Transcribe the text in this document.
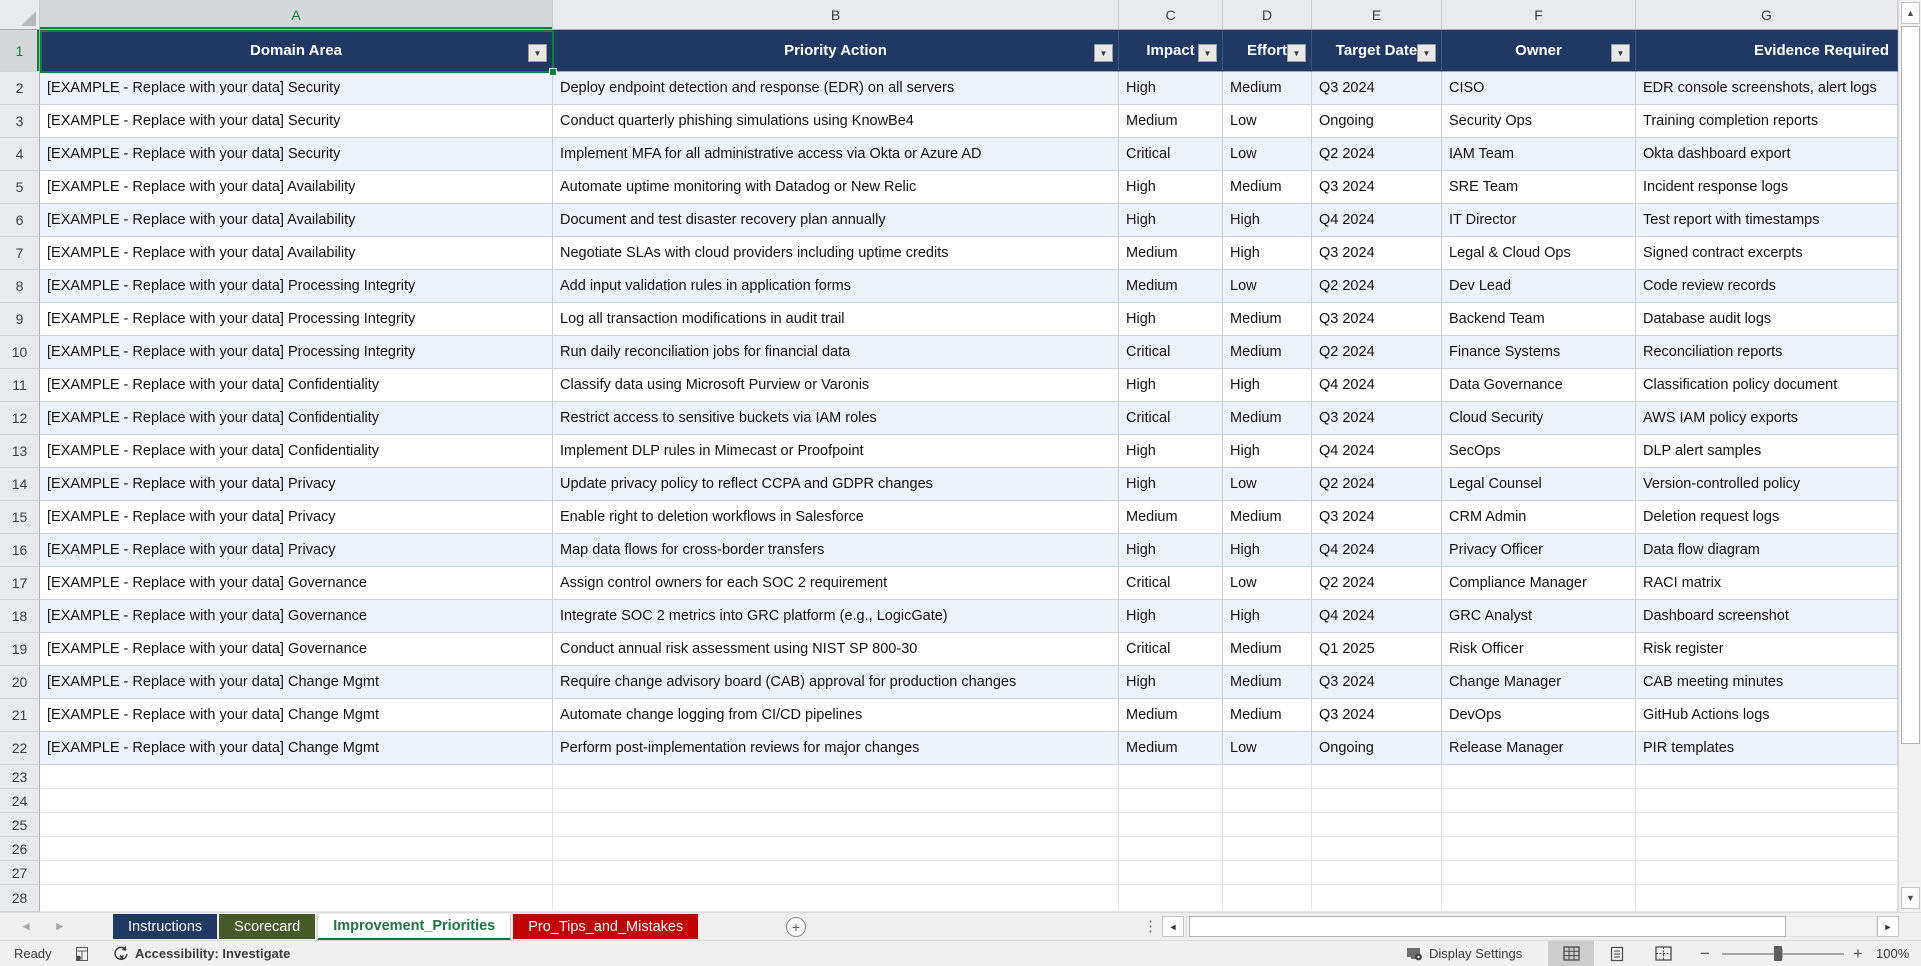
A	B	C	D	E	F	G
1	Domain Area	▼	Priority Action	▼	Impact	▼	Effort ▼	Target Date ▼	Owner	▼	Evidence Required
2	[EXAMPLE - Replace with your data] Security	Deploy endpoint detection and response (EDR) on all servers	High	Medium	Q3 2024	CISO	EDR console screenshots, alert logs
3	[EXAMPLE - Replace with your data] Security	Conduct quarterly phishing simulations using KnowBe4	Medium	Low	Ongoing	Security Ops	Training completion reports
4	[EXAMPLE - Replace with your data] Security	Implement MFA for all administrative access via Okta or Azure AD	Critical	Low	Q2 2024	IAM Team	Okta dashboard export
5	[EXAMPLE - Replace with your data] Availability	Automate uptime monitoring with Datadog or New Relic	High	Medium	Q3 2024	SRE Team	Incident response logs
6	[EXAMPLE - Replace with your data] Availability	Document and test disaster recovery plan annually	High	High	Q4 2024	IT Director	Test report with timestamps
7	[EXAMPLE - Replace with your data] Availability	Negotiate SLAs with cloud providers including uptime credits	Medium	High	Q3 2024	Legal & Cloud Ops	Signed contract excerpts
8	[EXAMPLE - Replace with your data] Processing Integrity	Add input validation rules in application forms	Medium	Low	Q2 2024	Dev Lead	Code review records
9	[EXAMPLE - Replace with your data] Processing Integrity	Log all transaction modifications in audit trail	High	Medium	Q3 2024	Backend Team	Database audit logs
10	[EXAMPLE - Replace with your data] Processing Integrity	Run daily reconciliation jobs for financial data	Critical	Medium	Q2 2024	Finance Systems	Reconciliation reports
11	[EXAMPLE - Replace with your data] Confidentiality	Classify data using Microsoft Purview or Varonis	High	High	Q4 2024	Data Governance	Classification policy document
12	[EXAMPLE - Replace with your data] Confidentiality	Restrict access to sensitive buckets via IAM roles	Critical	Medium	Q3 2024	Cloud Security	AWS IAM policy exports
13	[EXAMPLE - Replace with your data] Confidentiality	Implement DLP rules in Mimecast or Proofpoint	High	High	Q4 2024	SecOps	DLP alert samples
14	[EXAMPLE - Replace with your data] Privacy	Update privacy policy to reflect CCPA and GDPR changes	High	Low	Q2 2024	Legal Counsel	Version-controlled policy
15	[EXAMPLE - Replace with your data] Privacy	Enable right to deletion workflows in Salesforce	Medium	Medium	Q3 2024	CRM Admin	Deletion request logs
16	[EXAMPLE - Replace with your data] Privacy	Map data flows for cross-border transfers	High	High	Q4 2024	Privacy Officer	Data flow diagram
17	[EXAMPLE - Replace with your data] Governance	Assign control owners for each SOC 2 requirement	Critical	Low	Q2 2024	Compliance Manager	RACI matrix
18	[EXAMPLE - Replace with your data] Governance	Integrate SOC 2 metrics into GRC platform (e.g., LogicGate)	High	High	Q4 2024	GRC Analyst	Dashboard screenshot
19	[EXAMPLE - Replace with your data] Governance	Conduct annual risk assessment using NIST SP 800-30	Critical	Medium	Q1 2025	Risk Officer	Risk register
20	[EXAMPLE - Replace with your data] Change Mgmt	Require change advisory board (CAB) approval for production changes	High	Medium	Q3 2024	Change Manager	CAB meeting minutes
21	[EXAMPLE - Replace with your data] Change Mgmt	Automate change logging from CI/CD pipelines	Medium	Medium	Q3 2024	DevOps	GitHub Actions logs
22	[EXAMPLE - Replace with your data] Change Mgmt	Perform post-implementation reviews for major changes	Medium	Low	Ongoing	Release Manager	PIR templates
23
24
25
26
27
28
▲
▼
◄ ►	Instructions	Scorecard	Improvement_Priorities	Pro_Tips_and_Mistakes	+	⋮	◄	►
Ready	Accessibility: Investigate	Display Settings	−	+ 100%
